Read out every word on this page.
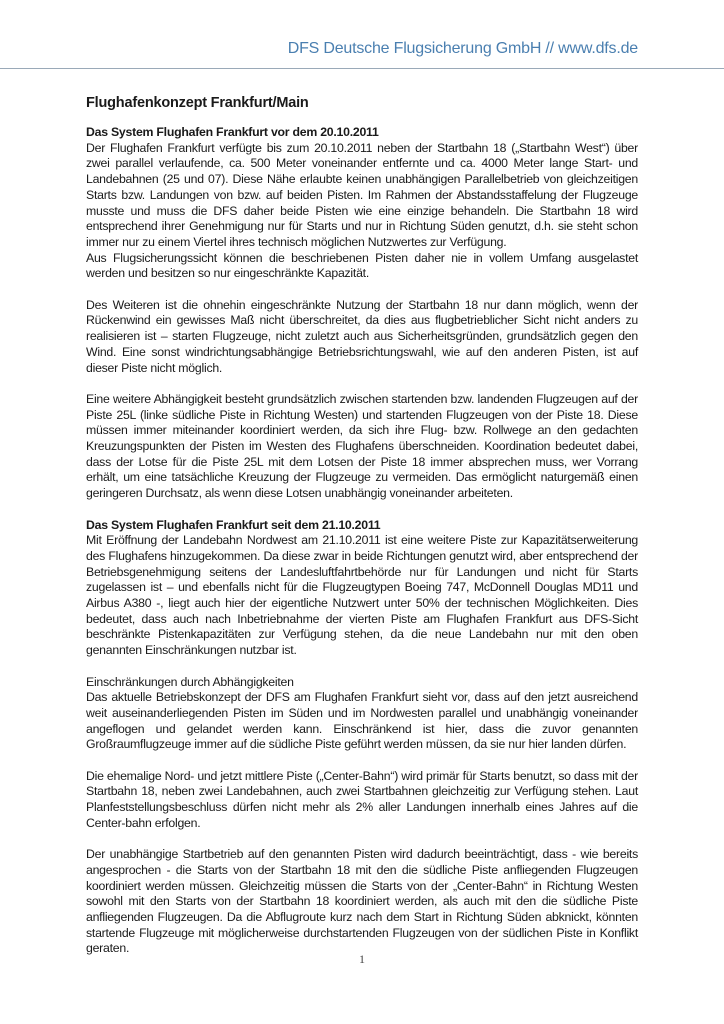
DFS Deutsche Flugsicherung GmbH // www.dfs.de
Flughafenkonzept Frankfurt/Main
Das System Flughafen Frankfurt vor dem 20.10.2011

Der Flughafen Frankfurt verfügte bis zum 20.10.2011 neben der Startbahn 18 („Startbahn West“) über zwei parallel verlaufende, ca. 500 Meter voneinander entfernte und ca. 4000 Meter lange Start- und Landebahnen (25 und 07). Diese Nähe erlaubte keinen unabhängigen Parallelbetrieb von gleichzeitigen Starts bzw. Landungen von bzw. auf beiden Pisten. Im Rahmen der Abstandsstaffelung der Flugzeuge musste und muss die DFS daher beide Pisten wie eine einzige behandeln. Die Startbahn 18 wird entsprechend ihrer Genehmigung nur für Starts und nur in Richtung Süden genutzt, d.h. sie steht schon immer nur zu einem Viertel ihres technisch möglichen Nutzwertes zur Verfügung.

Aus Flugsicherungssicht können die beschriebenen Pisten daher nie in vollem Umfang ausgelastet werden und besitzen so nur eingeschränkte Kapazität.

Des Weiteren ist die ohnehin eingeschränkte Nutzung der Startbahn 18 nur dann möglich, wenn der Rückenwind ein gewisses Maß nicht überschreitet, da dies aus flugbetrieblicher Sicht nicht anders zu realisieren ist – starten Flugzeuge, nicht zuletzt auch aus Sicherheitsgründen, grundsätzlich gegen den Wind. Eine sonst windrichtungsabhängige Betriebsrichtungswahl, wie auf den anderen Pisten, ist auf dieser Piste nicht möglich.

Eine weitere Abhängigkeit besteht grundsätzlich zwischen startenden bzw. landenden Flugzeugen auf der Piste 25L (linke südliche Piste in Richtung Westen) und startenden Flugzeugen von der Piste 18. Diese müssen immer miteinander koordiniert werden, da sich ihre Flug- bzw. Rollwege an den gedachten Kreuzungspunkten der Pisten im Westen des Flughafens überschneiden. Koordination bedeutet dabei, dass der Lotse für die Piste 25L mit dem Lotsen der Piste 18 immer absprechen muss, wer Vorrang erhält, um eine tatsächliche Kreuzung der Flugzeuge zu vermeiden. Das ermöglicht naturgemäß einen geringeren Durchsatz, als wenn diese Lotsen unabhängig voneinander arbeiteten.

Das System Flughafen Frankfurt seit dem 21.10.2011

Mit Eröffnung der Landebahn Nordwest am 21.10.2011 ist eine weitere Piste zur Kapazitätserweiterung des Flughafens hinzugekommen. Da diese zwar in beide Richtungen genutzt wird, aber entsprechend der Betriebsgenehmigung seitens der Landesluftfahrtbehörde nur für Landungen und nicht für Starts zugelassen ist – und ebenfalls nicht für die Flugzeugtypen Boeing 747, McDonnell Douglas MD11 und Airbus A380 -, liegt auch hier der eigentliche Nutzwert unter 50% der technischen Möglichkeiten. Dies bedeutet, dass auch nach Inbetriebnahme der vierten Piste am Flughafen Frankfurt aus DFS-Sicht beschränkte Pistenkapazitäten zur Verfügung stehen, da die neue Landebahn nur mit den oben genannten Einschränkungen nutzbar ist.

Einschränkungen durch Abhängigkeiten

Das aktuelle Betriebskonzept der DFS am Flughafen Frankfurt sieht vor, dass auf den jetzt ausreichend weit auseinanderliegenden Pisten im Süden und im Nordwesten parallel und unabhängig voneinander angeflogen und gelandet werden kann. Einschränkend ist hier, dass die zuvor genannten Großraumflugzeuge immer auf die südliche Piste geführt werden müssen, da sie nur hier landen dürfen.

Die ehemalige Nord- und jetzt mittlere Piste („Center-Bahn“) wird primär für Starts benutzt, so dass mit der Startbahn 18, neben zwei Landebahnen, auch zwei Startbahnen gleichzeitig zur Verfügung stehen. Laut Planfeststellungsbeschluss dürfen nicht mehr als 2% aller Landungen innerhalb eines Jahres auf die Center-bahn erfolgen.

Der unabhängige Startbetrieb auf den genannten Pisten wird dadurch beeinträchtigt, dass - wie bereits angesprochen - die Starts von der Startbahn 18 mit den die südliche Piste anfliegenden Flugzeugen koordiniert werden müssen. Gleichzeitig müssen die Starts von der „Center-Bahn“ in Richtung Westen sowohl mit den Starts von der Startbahn 18 koordiniert werden, als auch mit den die südliche Piste anfliegenden Flugzeugen. Da die Abflugroute kurz nach dem Start in Richtung Süden abknickt, könnten startende Flugzeuge mit möglicherweise durchstartenden Flugzeugen von der südlichen Piste in Konflikt geraten.

1
